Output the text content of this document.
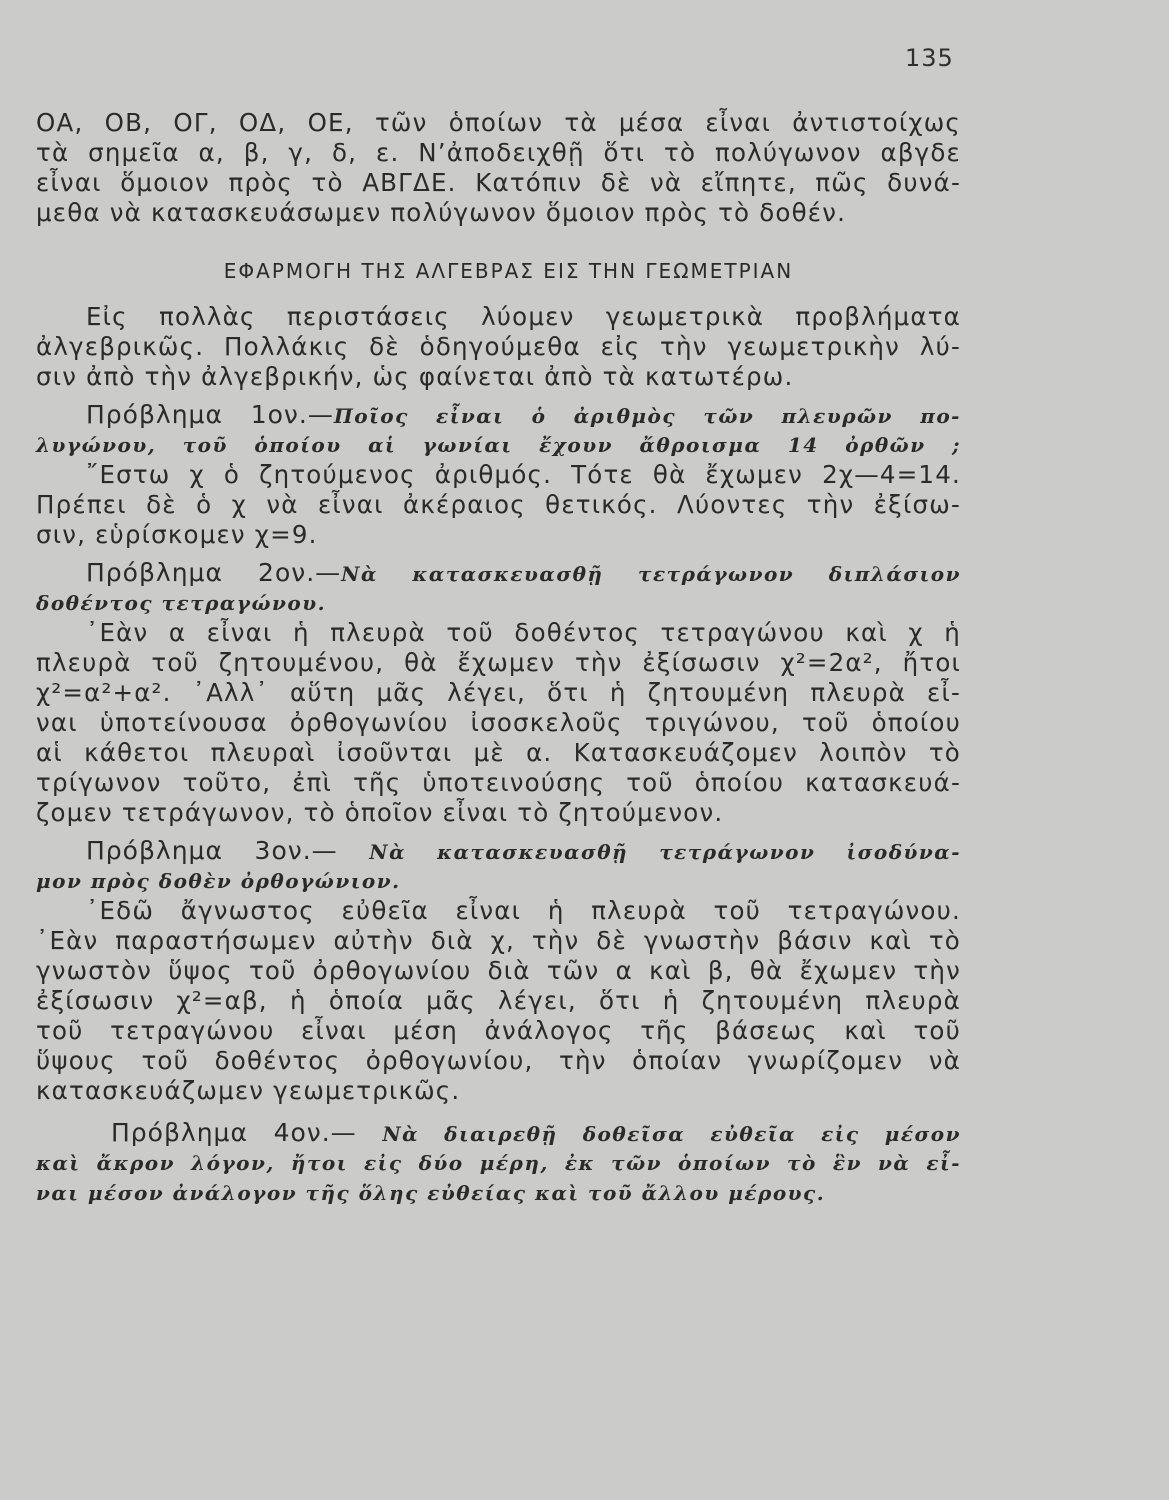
135
ΟΑ, ΟΒ, ΟΓ, ΟΔ, ΟΕ, τῶν ὁποίων τὰ μέσα εἶναι ἀντιστοίχως
τὰ σημεῖα α, β, γ, δ, ε. Ν’ἀποδειχθῇ ὅτι τὸ πολύγωνον αβγδε
εἶναι ὅμοιον πρὸς τὸ ΑΒΓΔΕ. Κατόπιν δὲ νὰ εἴπητε, πῶς δυνά-
μεθα νὰ κατασκευάσωμεν πολύγωνον ὅμοιον πρὸς τὸ δοθέν.
ΕΦΑΡΜΟΓΗ ΤΗΣ ΑΛΓΕΒΡΑΣ ΕΙΣ ΤΗΝ ΓΕΩΜΕΤΡΙΑΝ
Εἰς πολλὰς περιστάσεις λύομεν γεωμετρικὰ προβλήματα
ἀλγεβρικῶς. Πολλάκις δὲ ὁδηγούμεθα εἰς τὴν γεωμετρικὴν λύ-
σιν ἀπὸ τὴν ἀλγεβρικήν, ὡς φαίνεται ἀπὸ τὰ κατωτέρω.
Πρόβλημα 1ον.—Ποῖος εἶναι ὁ ἀριθμὸς τῶν πλευρῶν πο-
λυγώνου, τοῦ ὁποίου αἱ γωνίαι ἔχουν ἄθροισμα 14 ὀρθῶν ;
῎Εστω χ ὁ ζητούμενος ἀριθμός. Τότε θὰ ἔχωμεν 2χ—4=14.
Πρέπει δὲ ὁ χ νὰ εἶναι ἀκέραιος θετικός. Λύοντες τὴν ἐξίσω-
σιν, εὑρίσκομεν χ=9.
Πρόβλημα 2ον.—Νὰ κατασκευασθῇ τετράγωνον διπλάσιον
δοθέντος τετραγώνου.
᾿Εὰν α εἶναι ἡ πλευρὰ τοῦ δοθέντος τετραγώνου καὶ χ ἡ
πλευρὰ τοῦ ζητουμένου, θὰ ἔχωμεν τὴν ἐξίσωσιν χ²=2α², ἤτοι
χ²=α²+α². ᾿Αλλ᾿ αὕτη μᾶς λέγει, ὅτι ἡ ζητουμένη πλευρὰ εἶ-
ναι ὑποτείνουσα ὀρθογωνίου ἰσοσκελοῦς τριγώνου, τοῦ ὁποίου
αἱ κάθετοι πλευραὶ ἰσοῦνται μὲ α. Κατασκευάζομεν λοιπὸν τὸ
τρίγωνον τοῦτο, ἐπὶ τῆς ὑποτεινούσης τοῦ ὁποίου κατασκευά-
ζομεν τετράγωνον, τὸ ὁποῖον εἶναι τὸ ζητούμενον.
Πρόβλημα 3ον.— Νὰ κατασκευασθῇ τετράγωνον ἰσοδύνα-
μον πρὸς δοθὲν ὀρθογώνιον.
᾿Εδῶ ἄγνωστος εὐθεῖα εἶναι ἡ πλευρὰ τοῦ τετραγώνου.
᾿Εὰν παραστήσωμεν αὐτὴν διὰ χ, τὴν δὲ γνωστὴν βάσιν καὶ τὸ
γνωστὸν ὕψος τοῦ ὀρθογωνίου διὰ τῶν α καὶ β, θὰ ἔχωμεν τὴν
ἐξίσωσιν χ²=αβ, ἡ ὁποία μᾶς λέγει, ὅτι ἡ ζητουμένη πλευρὰ
τοῦ τετραγώνου εἶναι μέση ἀνάλογος τῆς βάσεως καὶ τοῦ
ὕψους τοῦ δοθέντος ὀρθογωνίου, τὴν ὁποίαν γνωρίζομεν νὰ
κατασκευάζωμεν γεωμετρικῶς.
Πρόβλημα 4ον.— Νὰ διαιρεθῇ δοθεῖσα εὐθεῖα εἰς μέσον
καὶ ἄκρον λόγον, ἤτοι εἰς δύο μέρη, ἐκ τῶν ὁποίων τὸ ἓν νὰ εἶ-
ναι μέσον ἀνάλογον τῆς ὅλης εὐθείας καὶ τοῦ ἄλλου μέρους.
